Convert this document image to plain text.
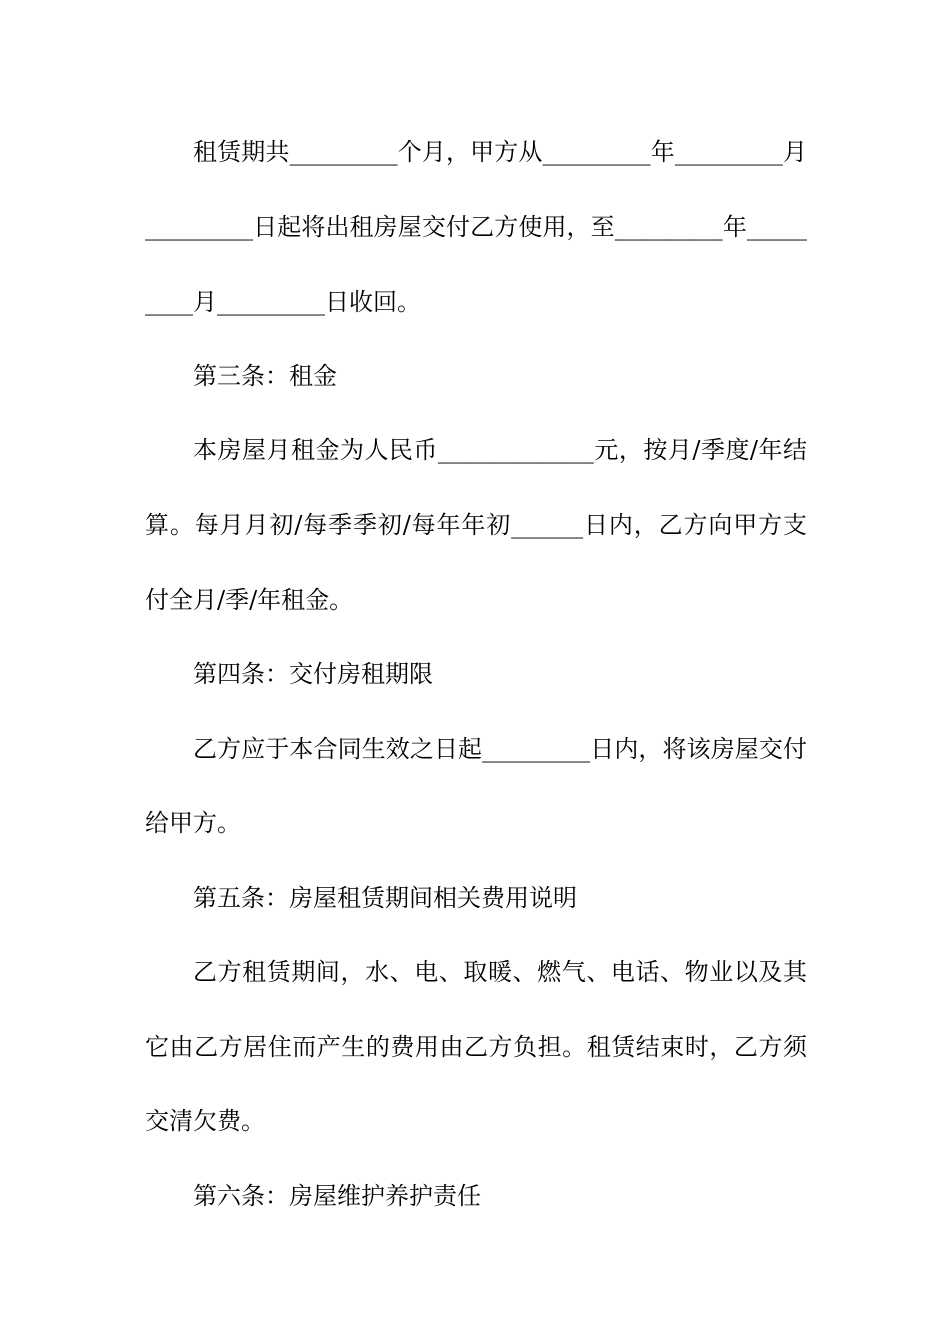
租赁期共_________个月，甲方从_________年_________月
_________日起将出租房屋交付乙方使用，至_________年_____
____月_________日收回。
第三条：租金
本房屋月租金为人民币_____________元，按月/季度/年结
算。每月月初/每季季初/每年年初______日内，乙方向甲方支
付全月/季/年租金。
第四条：交付房租期限
乙方应于本合同生效之日起_________日内，将该房屋交付
给甲方。
第五条：房屋租赁期间相关费用说明
乙方租赁期间，水、电、取暖、燃气、电话、物业以及其
它由乙方居住而产生的费用由乙方负担。租赁结束时，乙方须
交清欠费。
第六条：房屋维护养护责任
